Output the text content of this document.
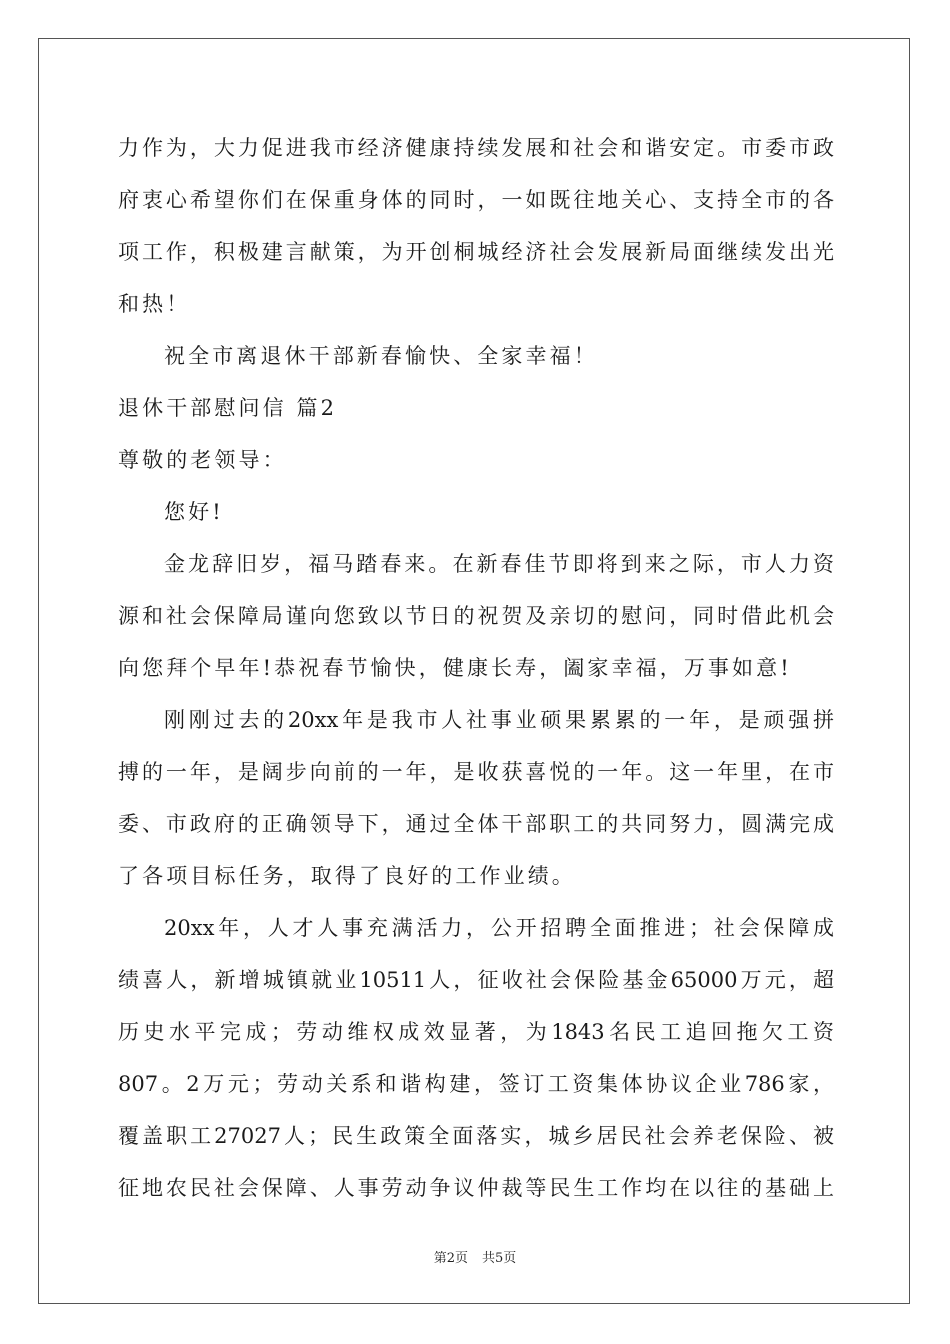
力作为，大力促进我市经济健康持续发展和社会和谐安定。市委市政
府衷心希望你们在保重身体的同时，一如既往地关心、支持全市的各
项工作，积极建言献策，为开创桐城经济社会发展新局面继续发出光
和热！
祝全市离退休干部新春愉快、全家幸福！
退休干部慰问信 篇2
尊敬的老领导：
您好!
金龙辞旧岁，福马踏春来。在新春佳节即将到来之际，市人力资
源和社会保障局谨向您致以节日的祝贺及亲切的慰问，同时借此机会
向您拜个早年!恭祝春节愉快，健康长寿，阖家幸福，万事如意!
刚刚过去的20xx年是我市人社事业硕果累累的一年，是顽强拼
搏的一年，是阔步向前的一年，是收获喜悦的一年。这一年里，在市
委、市政府的正确领导下，通过全体干部职工的共同努力，圆满完成
了各项目标任务，取得了良好的工作业绩。
20xx年，人才人事充满活力，公开招聘全面推进；社会保障成
绩喜人，新增城镇就业10511人，征收社会保险基金65000万元，超
历史水平完成；劳动维权成效显著，为1843名民工追回拖欠工资
807。2万元；劳动关系和谐构建，签订工资集体协议企业786家，
覆盖职工27027人；民生政策全面落实，城乡居民社会养老保险、被
征地农民社会保障、人事劳动争议仲裁等民生工作均在以往的基础上
第2页 共5页
